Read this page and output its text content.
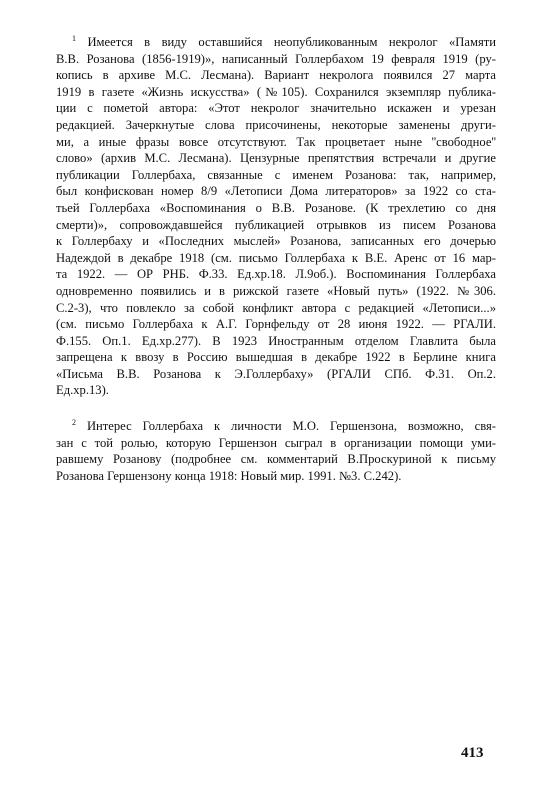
$^1$ Имеется в виду оставшийся неопубликованным некролог «Памяти
В.В. Розанова (1856-1919)», написанный Голлербахом 19 февраля 1919 (ру-
копись в архиве М.С. Лесмана). Вариант некролога появился 27 марта
1919 в газете «Жизнь искусства» (№105). Сохранился экземпляр публика-
ции с пометой автора: «Этот некролог значительно искажен и урезан
редакцией. Зачеркнутые слова присочинены, некоторые заменены други-
ми, а иные фразы вовсе отсутствуют. Так процветает ныне ''свободное''
слово» (архив М.С. Лесмана). Цензурные препятствия встречали и другие
публикации Голлербаха, связанные с именем Розанова: так, например,
был конфискован номер 8/9 «Летописи Дома литераторов» за 1922 со ста-
тьей Голлербаха «Воспоминания о В.В. Розанове. (К трехлетию со дня
смерти)», сопровождавшейся публикацией отрывков из писем Розанова
к Голлербаху и «Последних мыслей» Розанова, записанных его дочерью
Надеждой в декабре 1918 (см. письмо Голлербаха к В.Е. Аренс от 16 мар-
та 1922. — ОР РНБ. Ф.33. Ед.хр.18. Л.9об.). Воспоминания Голлербаха
одновременно появились и в рижской газете «Новый путь» (1922. №306.
С.2-3), что повлекло за собой конфликт автора с редакцией «Летописи...»
(см. письмо Голлербаха к А.Г. Горнфельду от 28 июня 1922. — РГАЛИ.
Ф.155. Оп.1. Ед.хр.277). В 1923 Иностранным отделом Главлита была
запрещена к ввозу в Россию вышедшая в декабре 1922 в Берлине книга
«Письма В.В. Розанова к Э.Голлербаху» (РГАЛИ СПб. Ф.31. Оп.2.
Ед.хр.13).
$^2$ Интерес Голлербаха к личности М.О. Гершензона, возможно, свя-
зан с той ролью, которую Гершензон сыграл в организации помощи уми-
равшему Розанову (подробнее см. комментарий В.Проскуриной к письму
Розанова Гершензону конца 1918: Новый мир. 1991. №3. С.242).
413
